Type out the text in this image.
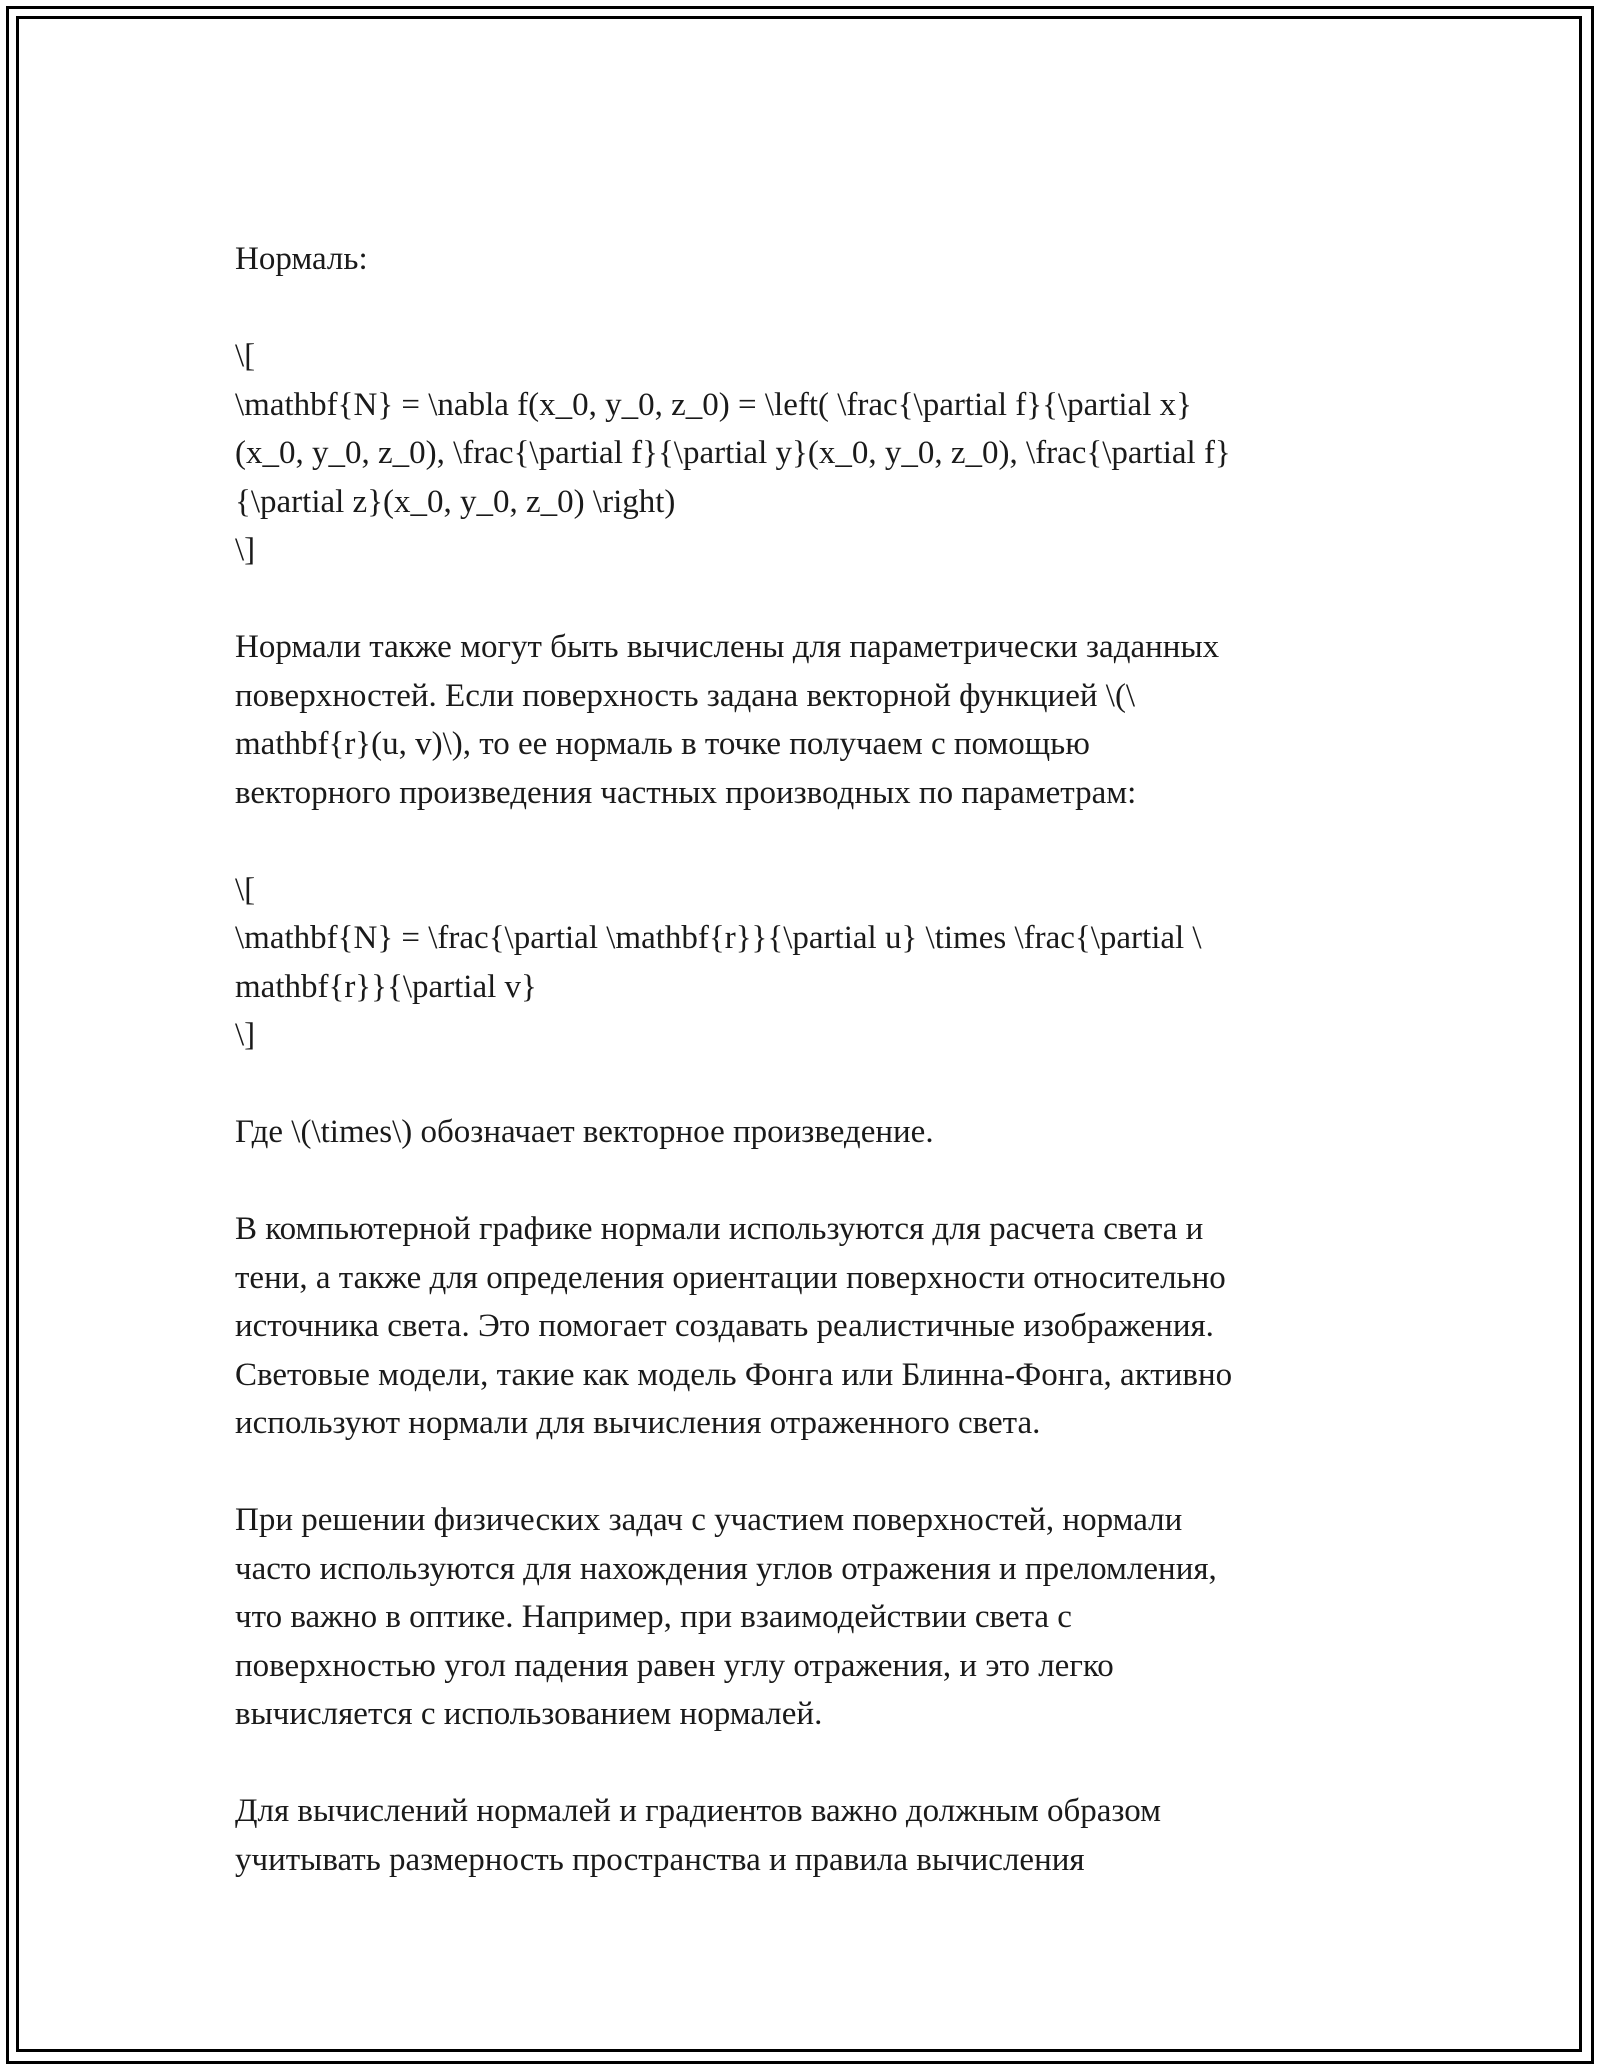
Нормаль:

\[
\mathbf{N} = \nabla f(x_0, y_0, z_0) = \left( \frac{\partial f}{\partial x}
(x_0, y_0, z_0), \frac{\partial f}{\partial y}(x_0, y_0, z_0), \frac{\partial f}
{\partial z}(x_0, y_0, z_0) \right)
\]

Нормали также могут быть вычислены для параметрически заданных
поверхностей. Если поверхность задана векторной функцией \(\
mathbf{r}(u, v)\), то ее нормаль в точке получаем с помощью
векторного произведения частных производных по параметрам:

\[
\mathbf{N} = \frac{\partial \mathbf{r}}{\partial u} \times \frac{\partial \
mathbf{r}}{\partial v}
\]

Где \(\times\) обозначает векторное произведение.

В компьютерной графике нормали используются для расчета света и
тени, а также для определения ориентации поверхности относительно
источника света. Это помогает создавать реалистичные изображения.
Световые модели, такие как модель Фонга или Блинна-Фонга, активно
используют нормали для вычисления отраженного света.

При решении физических задач с участием поверхностей, нормали
часто используются для нахождения углов отражения и преломления,
что важно в оптике. Например, при взаимодействии света с
поверхностью угол падения равен углу отражения, и это легко
вычисляется с использованием нормалей.

Для вычислений нормалей и градиентов важно должным образом
учитывать размерность пространства и правила вычисления
